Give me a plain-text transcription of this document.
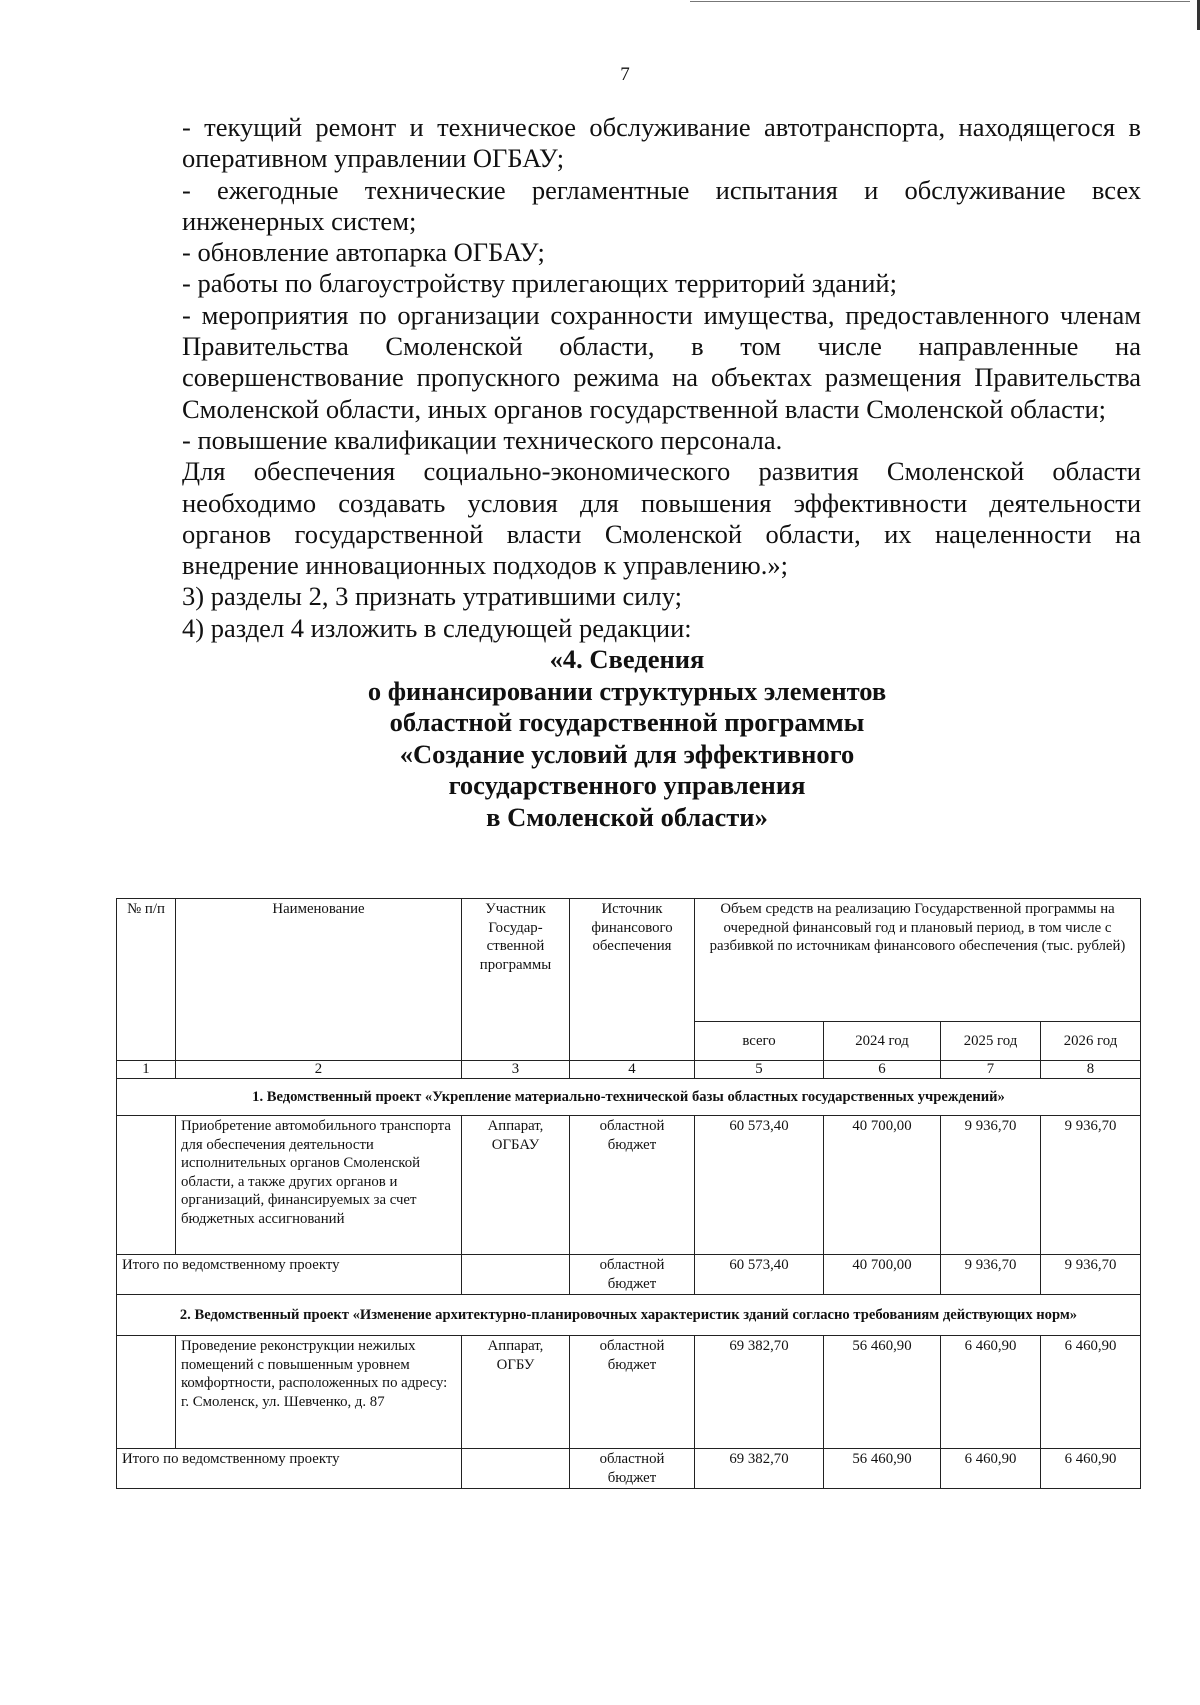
7

- текущий ремонт и техническое обслуживание автотранспорта, находящегося в оперативном управлении ОГБАУ;

- ежегодные технические регламентные испытания и обслуживание всех инженерных систем;

- обновление автопарка ОГБАУ;

- работы по благоустройству прилегающих территорий зданий;

- мероприятия по организации сохранности имущества, предоставленного членам Правительства Смоленской области, в том числе направленные на совершенствование пропускного режима на объектах размещения Правительства Смоленской области, иных органов государственной власти Смоленской области;

- повышение квалификации технического персонала.

Для обеспечения социально-экономического развития Смоленской области необходимо создавать условия для повышения эффективности деятельности органов государственной власти Смоленской области, их нацеленности на внедрение инновационных подходов к управлению.»;

3) разделы 2, 3 признать утратившими силу;

4) раздел 4 изложить в следующей редакции:

«4. Сведения
о финансировании структурных элементов
областной государственной программы
«Создание условий для эффективного
государственного управления
в Смоленской области»
№ п/п	Наименование	Участник Государ-ственной программы	Источник финансового обеспечения	Объем средств на реализацию Государственной программы на очередной финансовый год и плановый период, в том числе с разбивкой по источникам финансового обеспечения (тыс. рублей)			
				всего	2024 год	2025 год	2026 год
1	2	3	4	5	6	7	8
1. Ведомственный проект «Укрепление материально-технической базы областных государственных учреждений»							
	Приобретение автомобильного транспорта для обеспечения деятельности исполнительных органов Смоленской области, а также других органов и организаций, финансируемых за счет бюджетных ассигнований	Аппарат, ОГБАУ	областной бюджет	60 573,40	40 700,00	9 936,70	9 936,70
Итого по ведомственному проекту			областной бюджет	60 573,40	40 700,00	9 936,70	9 936,70
2. Ведомственный проект «Изменение архитектурно-планировочных характеристик зданий согласно требованиям действующих норм»							
	Проведение реконструкции нежилых помещений с повышенным уровнем комфортности, расположенных по адресу: г. Смоленск, ул. Шевченко, д. 87	Аппарат, ОГБУ	областной бюджет	69 382,70	56 460,90	6 460,90	6 460,90
Итого по ведомственному проекту			областной бюджет	69 382,70	56 460,90	6 460,90	6 460,90
